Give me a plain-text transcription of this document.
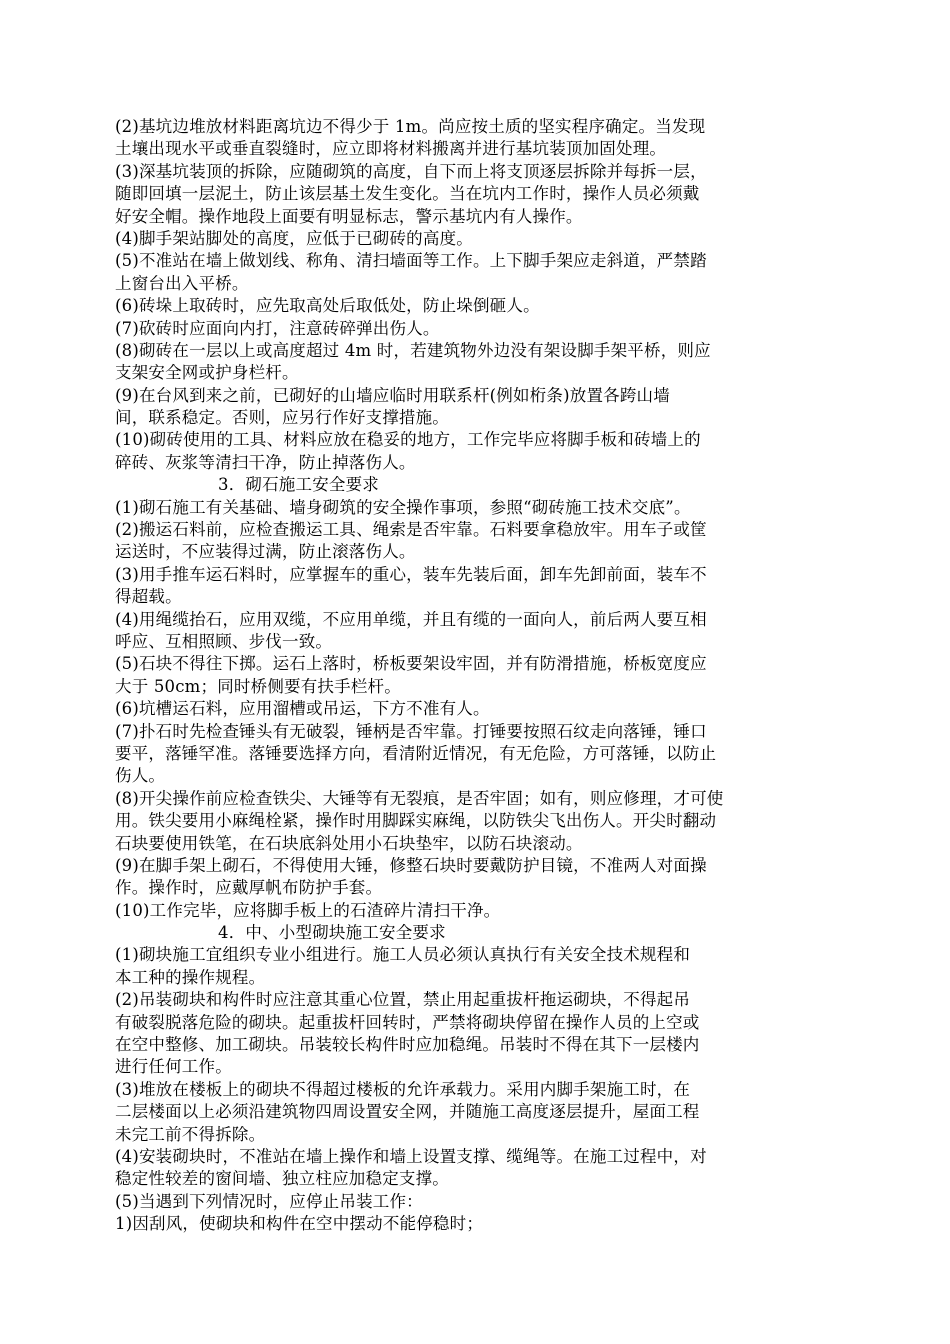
(2)基坑边堆放材料距离坑边不得少于 1m。尚应按土质的坚实程序确定。当发现
土壤出现水平或垂直裂缝时，应立即将材料搬离并进行基坑装顶加固处理。
(3)深基坑装顶的拆除，应随砌筑的高度，自下而上将支顶逐层拆除并每拆一层，
随即回填一层泥土，防止该层基土发生变化。当在坑内工作时，操作人员必须戴
好安全帽。操作地段上面要有明显标志，警示基坑内有人操作。
(4)脚手架站脚处的高度，应低于已砌砖的高度。
(5)不准站在墙上做划线、称角、清扫墙面等工作。上下脚手架应走斜道，严禁踏
上窗台出入平桥。
(6)砖垛上取砖时，应先取高处后取低处，防止垛倒砸人。
(7)砍砖时应面向内打，注意砖碎弹出伤人。
(8)砌砖在一层以上或高度超过 4m 时，若建筑物外边没有架设脚手架平桥，则应
支架安全网或护身栏杆。
(9)在台风到来之前，已砌好的山墙应临时用联系杆(例如桁条)放置各跨山墙
间，联系稳定。否则，应另行作好支撑措施。
(10)砌砖使用的工具、材料应放在稳妥的地方，工作完毕应将脚手板和砖墙上的
碎砖、灰浆等清扫干净，防止掉落伤人。
3．砌石施工安全要求
(1)砌石施工有关基础、墙身砌筑的安全操作事项，参照“砌砖施工技术交底”。
(2)搬运石料前，应检查搬运工具、绳索是否牢靠。石料要拿稳放牢。用车子或筐
运送时，不应装得过满，防止滚落伤人。
(3)用手推车运石料时，应掌握车的重心，装车先装后面，卸车先卸前面，装车不
得超载。
(4)用绳缆抬石，应用双缆，不应用单缆，并且有缆的一面向人，前后两人要互相
呼应、互相照顾、步伐一致。
(5)石块不得往下掷。运石上落时，桥板要架设牢固，并有防滑措施，桥板宽度应
大于 50cm；同时桥侧要有扶手栏杆。
(6)坑槽运石料，应用溜槽或吊运，下方不准有人。
(7)扑石时先检查锤头有无破裂，锤柄是否牢靠。打锤要按照石纹走向落锤，锤口
要平，落锤罕准。落锤要选择方向，看清附近情况，有无危险，方可落锤，以防止
伤人。
(8)开尖操作前应检查铁尖、大锤等有无裂痕，是否牢固；如有，则应修理，才可使
用。铁尖要用小麻绳栓紧，操作时用脚踩实麻绳，以防铁尖飞出伤人。开尖时翻动
石块要使用铁笔，在石块底斜处用小石块垫牢，以防石块滚动。
(9)在脚手架上砌石，不得使用大锤，修整石块时要戴防护目镜，不准两人对面操
作。操作时，应戴厚帆布防护手套。
(10)工作完毕，应将脚手板上的石渣碎片清扫干净。
4．中、小型砌块施工安全要求
(1)砌块施工宜组织专业小组进行。施工人员必须认真执行有关安全技术规程和
本工种的操作规程。
(2)吊装砌块和构件时应注意其重心位置，禁止用起重拔杆拖运砌块，不得起吊
有破裂脱落危险的砌块。起重拔杆回转时，严禁将砌块停留在操作人员的上空或
在空中整修、加工砌块。吊装较长构件时应加稳绳。吊装时不得在其下一层楼内
进行任何工作。
(3)堆放在楼板上的砌块不得超过楼板的允许承载力。采用内脚手架施工时，在
二层楼面以上必须沿建筑物四周设置安全网，并随施工高度逐层提升，屋面工程
未完工前不得拆除。
(4)安装砌块时，不准站在墙上操作和墙上设置支撑、缆绳等。在施工过程中，对
稳定性较差的窗间墙、独立柱应加稳定支撑。
(5)当遇到下列情况时，应停止吊装工作：
1)因刮风，使砌块和构件在空中摆动不能停稳时；
